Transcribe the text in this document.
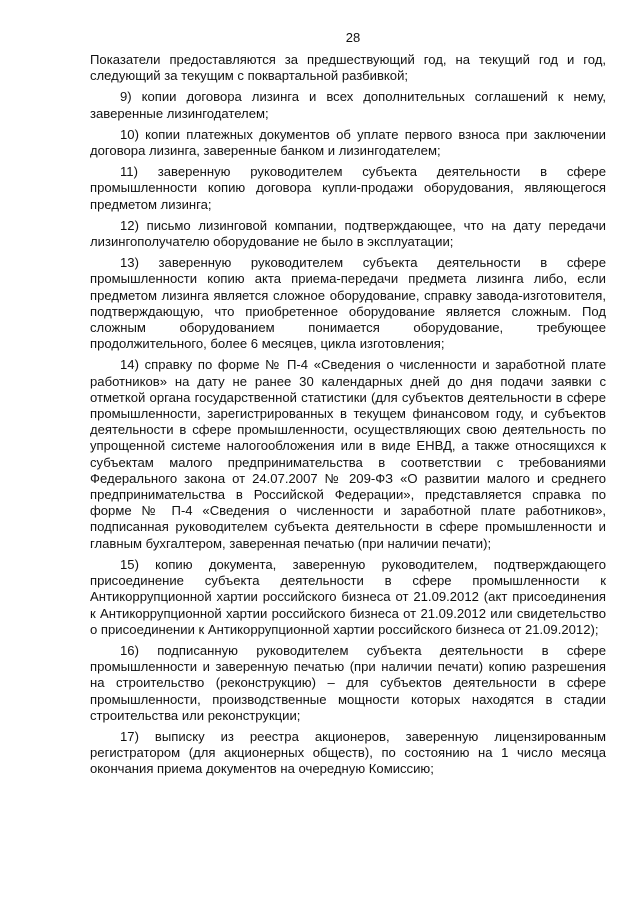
28

Показатели предоставляются за предшествующий год, на текущий год и год, следующий за текущим с поквартальной разбивкой;

9) копии договора лизинга и всех дополнительных соглашений к нему, заверенные лизингодателем;

10) копии платежных документов об уплате первого взноса при заключении договора лизинга, заверенные банком и лизингодателем;

11) заверенную руководителем субъекта деятельности в сфере промышленности копию договора купли-продажи оборудования, являющегося предметом лизинга;

12) письмо лизинговой компании, подтверждающее, что на дату передачи лизингополучателю оборудование не было в эксплуатации;

13) заверенную руководителем субъекта деятельности в сфере промышленности копию акта приема-передачи предмета лизинга либо, если предметом лизинга является сложное оборудование, справку завода-изготовителя, подтверждающую, что приобретенное оборудование является сложным. Под сложным оборудованием понимается оборудование, требующее продолжительного, более 6 месяцев, цикла изготовления;

14) справку по форме № П-4 «Сведения о численности и заработной плате работников» на дату не ранее 30 календарных дней до дня подачи заявки с отметкой органа государственной статистики (для субъектов деятельности в сфере промышленности, зарегистрированных в текущем финансовом году, и субъектов деятельности в сфере промышленности, осуществляющих свою деятельность по упрощенной системе налогообложения или в виде ЕНВД, а также относящихся к субъектам малого предпринимательства в соответствии с требованиями Федерального закона от 24.07.2007 № 209-ФЗ «О развитии малого и среднего предпринимательства в Российской Федерации», представляется справка по форме № П-4 «Сведения о численности и заработной плате работников», подписанная руководителем субъекта деятельности в сфере промышленности и главным бухгалтером, заверенная печатью (при наличии печати);

15) копию документа, заверенную руководителем, подтверждающего присоединение субъекта деятельности в сфере промышленности к Антикоррупционной хартии российского бизнеса от 21.09.2012 (акт присоединения к Антикоррупционной хартии российского бизнеса от 21.09.2012 или свидетельство о присоединении к Антикоррупционной хартии российского бизнеса от 21.09.2012);

16) подписанную руководителем субъекта деятельности в сфере промышленности и заверенную печатью (при наличии печати) копию разрешения на строительство (реконструкцию) – для субъектов деятельности в сфере промышленности, производственные мощности которых находятся в стадии строительства или реконструкции;

17) выписку из реестра акционеров, заверенную лицензированным регистратором (для акционерных обществ), по состоянию на 1 число месяца окончания приема документов на очередную Комиссию;
